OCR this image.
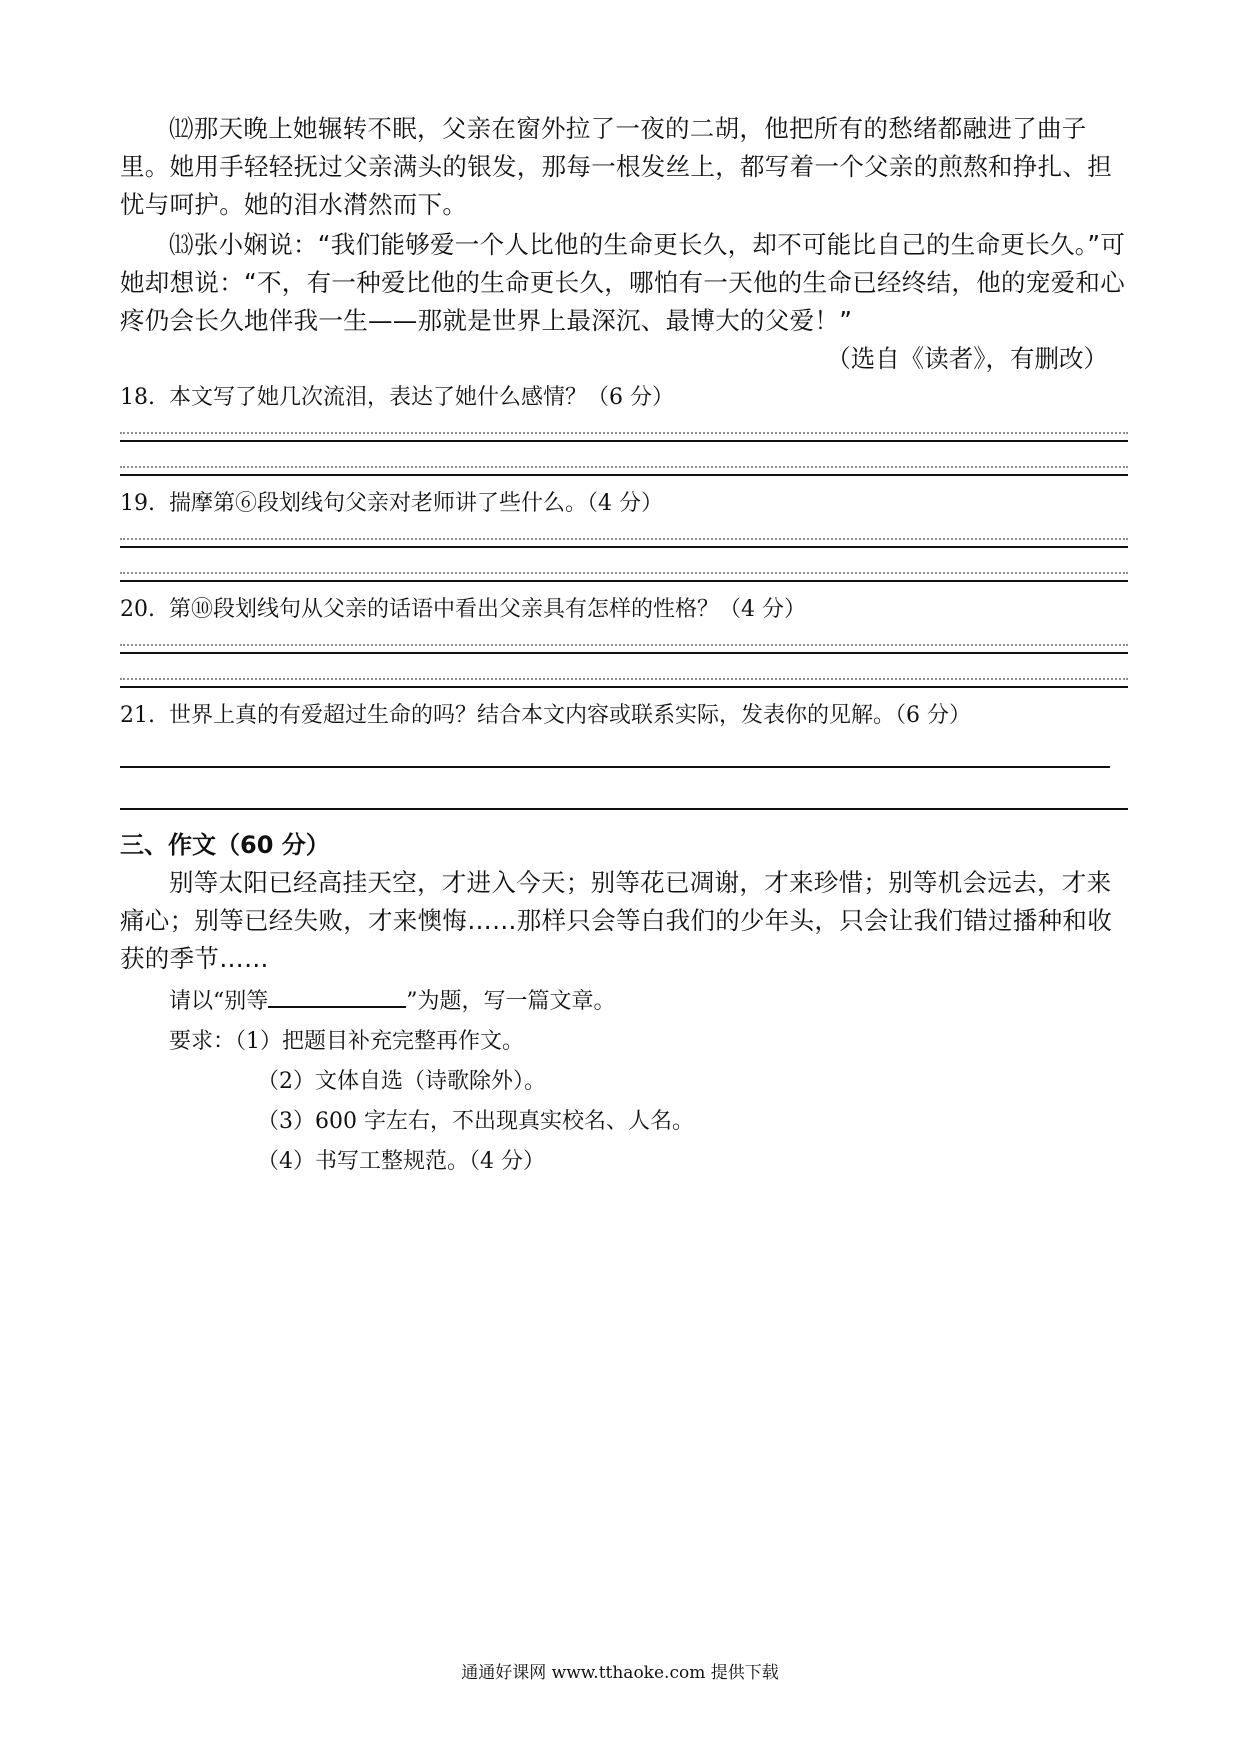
⑿那天晚上她辗转不眠，父亲在窗外拉了一夜的二胡，他把所有的愁绪都融进了曲子里。她用手轻轻抚过父亲满头的银发，那每一根发丝上，都写着一个父亲的煎熬和挣扎、担忧与呵护。她的泪水潸然而下。

⒀张小娴说：“我们能够爱一个人比他的生命更长久，却不可能比自己的生命更长久。”可她却想说：“不，有一种爱比他的生命更长久，哪怕有一天他的生命已经终结，他的宠爱和心疼仍会长久地伴我一生——那就是世界上最深沉、最博大的父爱！”

（选自《读者》，有删改）
18. 本文写了她几次流泪，表达了她什么感情？（6 分）
19. 揣摩第⑥段划线句父亲对老师讲了些什么。（4 分）
20. 第⑩段划线句从父亲的话语中看出父亲具有怎样的性格？（4 分）
21. 世界上真的有爱超过生命的吗？结合本文内容或联系实际，发表你的见解。（6 分）
三、作文（60 分）

别等太阳已经高挂天空，才进入今天；别等花已凋谢，才来珍惜；别等机会远去，才来痛心；别等已经失败，才来懊悔……那样只会等白我们的少年头，只会让我们错过播种和收获的季节……

请以“别等	”为题，写一篇文章。
要求：（1）把题目补充完整再作文。
（2）文体自选（诗歌除外）。
（3）600 字左右，不出现真实校名、人名。
（4）书写工整规范。（4 分）
通通好课网 www.tthaoke.com 提供下载
